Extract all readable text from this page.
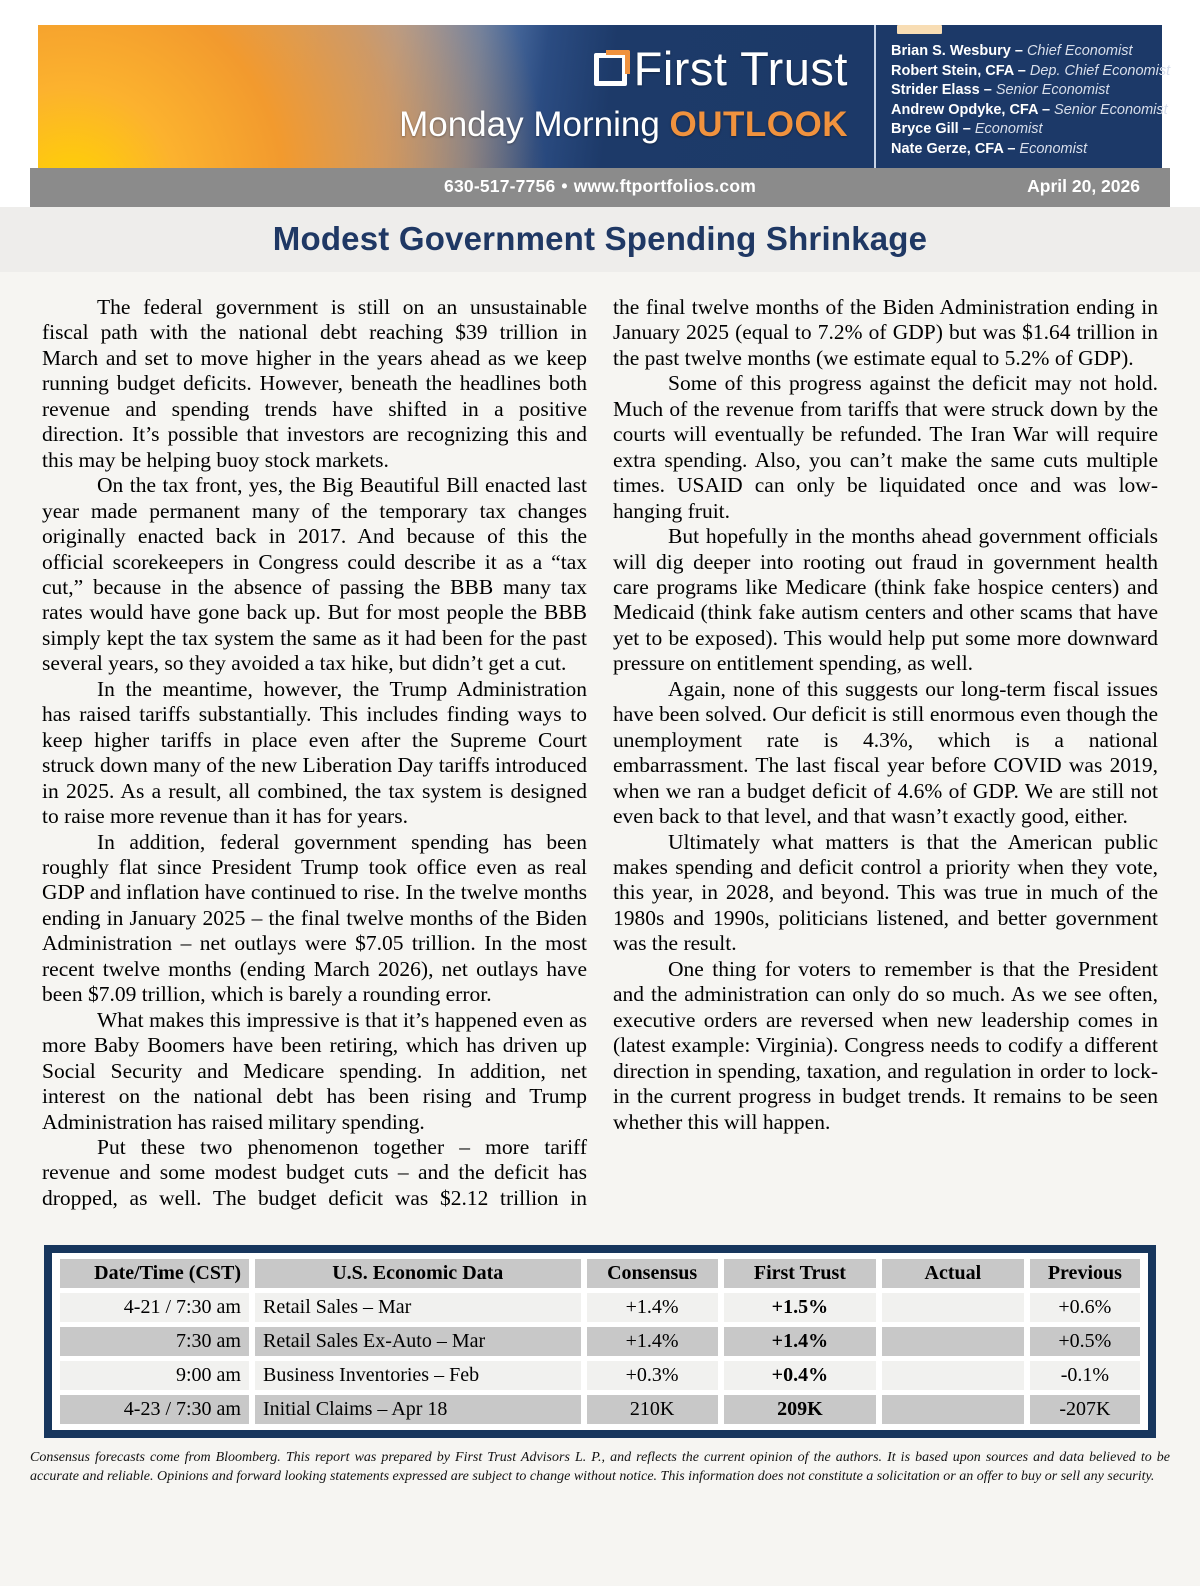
First Trust
Monday Morning OUTLOOK
Brian S. Wesbury – Chief Economist
Robert Stein, CFA – Dep. Chief Economist
Strider Elass – Senior Economist
Andrew Opdyke, CFA – Senior Economist
Bryce Gill – Economist
Nate Gerze, CFA – Economist
630-517-7756 • www.ftportfolios.com	April 20, 2026
Modest Government Spending Shrinkage

The federal government is still on an unsustainable fiscal path with the national debt reaching $39 trillion in March and set to move higher in the years ahead as we keep running budget deficits. However, beneath the headlines both revenue and spending trends have shifted in a positive direction. It’s possible that investors are recognizing this and this may be helping buoy stock markets.

On the tax front, yes, the Big Beautiful Bill enacted last year made permanent many of the temporary tax changes originally enacted back in 2017. And because of this the official scorekeepers in Congress could describe it as a “tax cut,” because in the absence of passing the BBB many tax rates would have gone back up. But for most people the BBB simply kept the tax system the same as it had been for the past several years, so they avoided a tax hike, but didn’t get a cut.

In the meantime, however, the Trump Administration has raised tariffs substantially. This includes finding ways to keep higher tariffs in place even after the Supreme Court struck down many of the new Liberation Day tariffs introduced in 2025. As a result, all combined, the tax system is designed to raise more revenue than it has for years.

In addition, federal government spending has been roughly flat since President Trump took office even as real GDP and inflation have continued to rise. In the twelve months ending in January 2025 – the final twelve months of the Biden Administration – net outlays were $7.05 trillion. In the most recent twelve months (ending March 2026), net outlays have been $7.09 trillion, which is barely a rounding error.

What makes this impressive is that it’s happened even as more Baby Boomers have been retiring, which has driven up Social Security and Medicare spending. In addition, net interest on the national debt has been rising and Trump Administration has raised military spending.

Put these two phenomenon together – more tariff revenue and some modest budget cuts – and the deficit has dropped, as well. The budget deficit was $2.12 trillion in

the final twelve months of the Biden Administration ending in January 2025 (equal to 7.2% of GDP) but was $1.64 trillion in the past twelve months (we estimate equal to 5.2% of GDP).

Some of this progress against the deficit may not hold. Much of the revenue from tariffs that were struck down by the courts will eventually be refunded. The Iran War will require extra spending. Also, you can’t make the same cuts multiple times. USAID can only be liquidated once and was low-hanging fruit.

But hopefully in the months ahead government officials will dig deeper into rooting out fraud in government health care programs like Medicare (think fake hospice centers) and Medicaid (think fake autism centers and other scams that have yet to be exposed). This would help put some more downward pressure on entitlement spending, as well.

Again, none of this suggests our long-term fiscal issues have been solved. Our deficit is still enormous even though the unemployment rate is 4.3%, which is a national embarrassment. The last fiscal year before COVID was 2019, when we ran a budget deficit of 4.6% of GDP. We are still not even back to that level, and that wasn’t exactly good, either.

Ultimately what matters is that the American public makes spending and deficit control a priority when they vote, this year, in 2028, and beyond. This was true in much of the 1980s and 1990s, politicians listened, and better government was the result.

One thing for voters to remember is that the President and the administration can only do so much. As we see often, executive orders are reversed when new leadership comes in (latest example: Virginia). Congress needs to codify a different direction in spending, taxation, and regulation in order to lock-in the current progress in budget trends. It remains to be seen whether this will happen.

Date/Time (CST)	U.S. Economic Data	Consensus	First Trust	Actual	Previous
4-21 / 7:30 am	Retail Sales – Mar	+1.4%	+1.5%		+0.6%
7:30 am	Retail Sales Ex-Auto – Mar	+1.4%	+1.4%		+0.5%
9:00 am	Business Inventories – Feb	+0.3%	+0.4%		-0.1%
4-23 / 7:30 am	Initial Claims – Apr 18	210K	209K		-207K

Consensus forecasts come from Bloomberg. This report was prepared by First Trust Advisors L. P., and reflects the current opinion of the authors. It is based upon sources and data believed to be accurate and reliable. Opinions and forward looking statements expressed are subject to change without notice. This information does not constitute a solicitation or an offer to buy or sell any security.
